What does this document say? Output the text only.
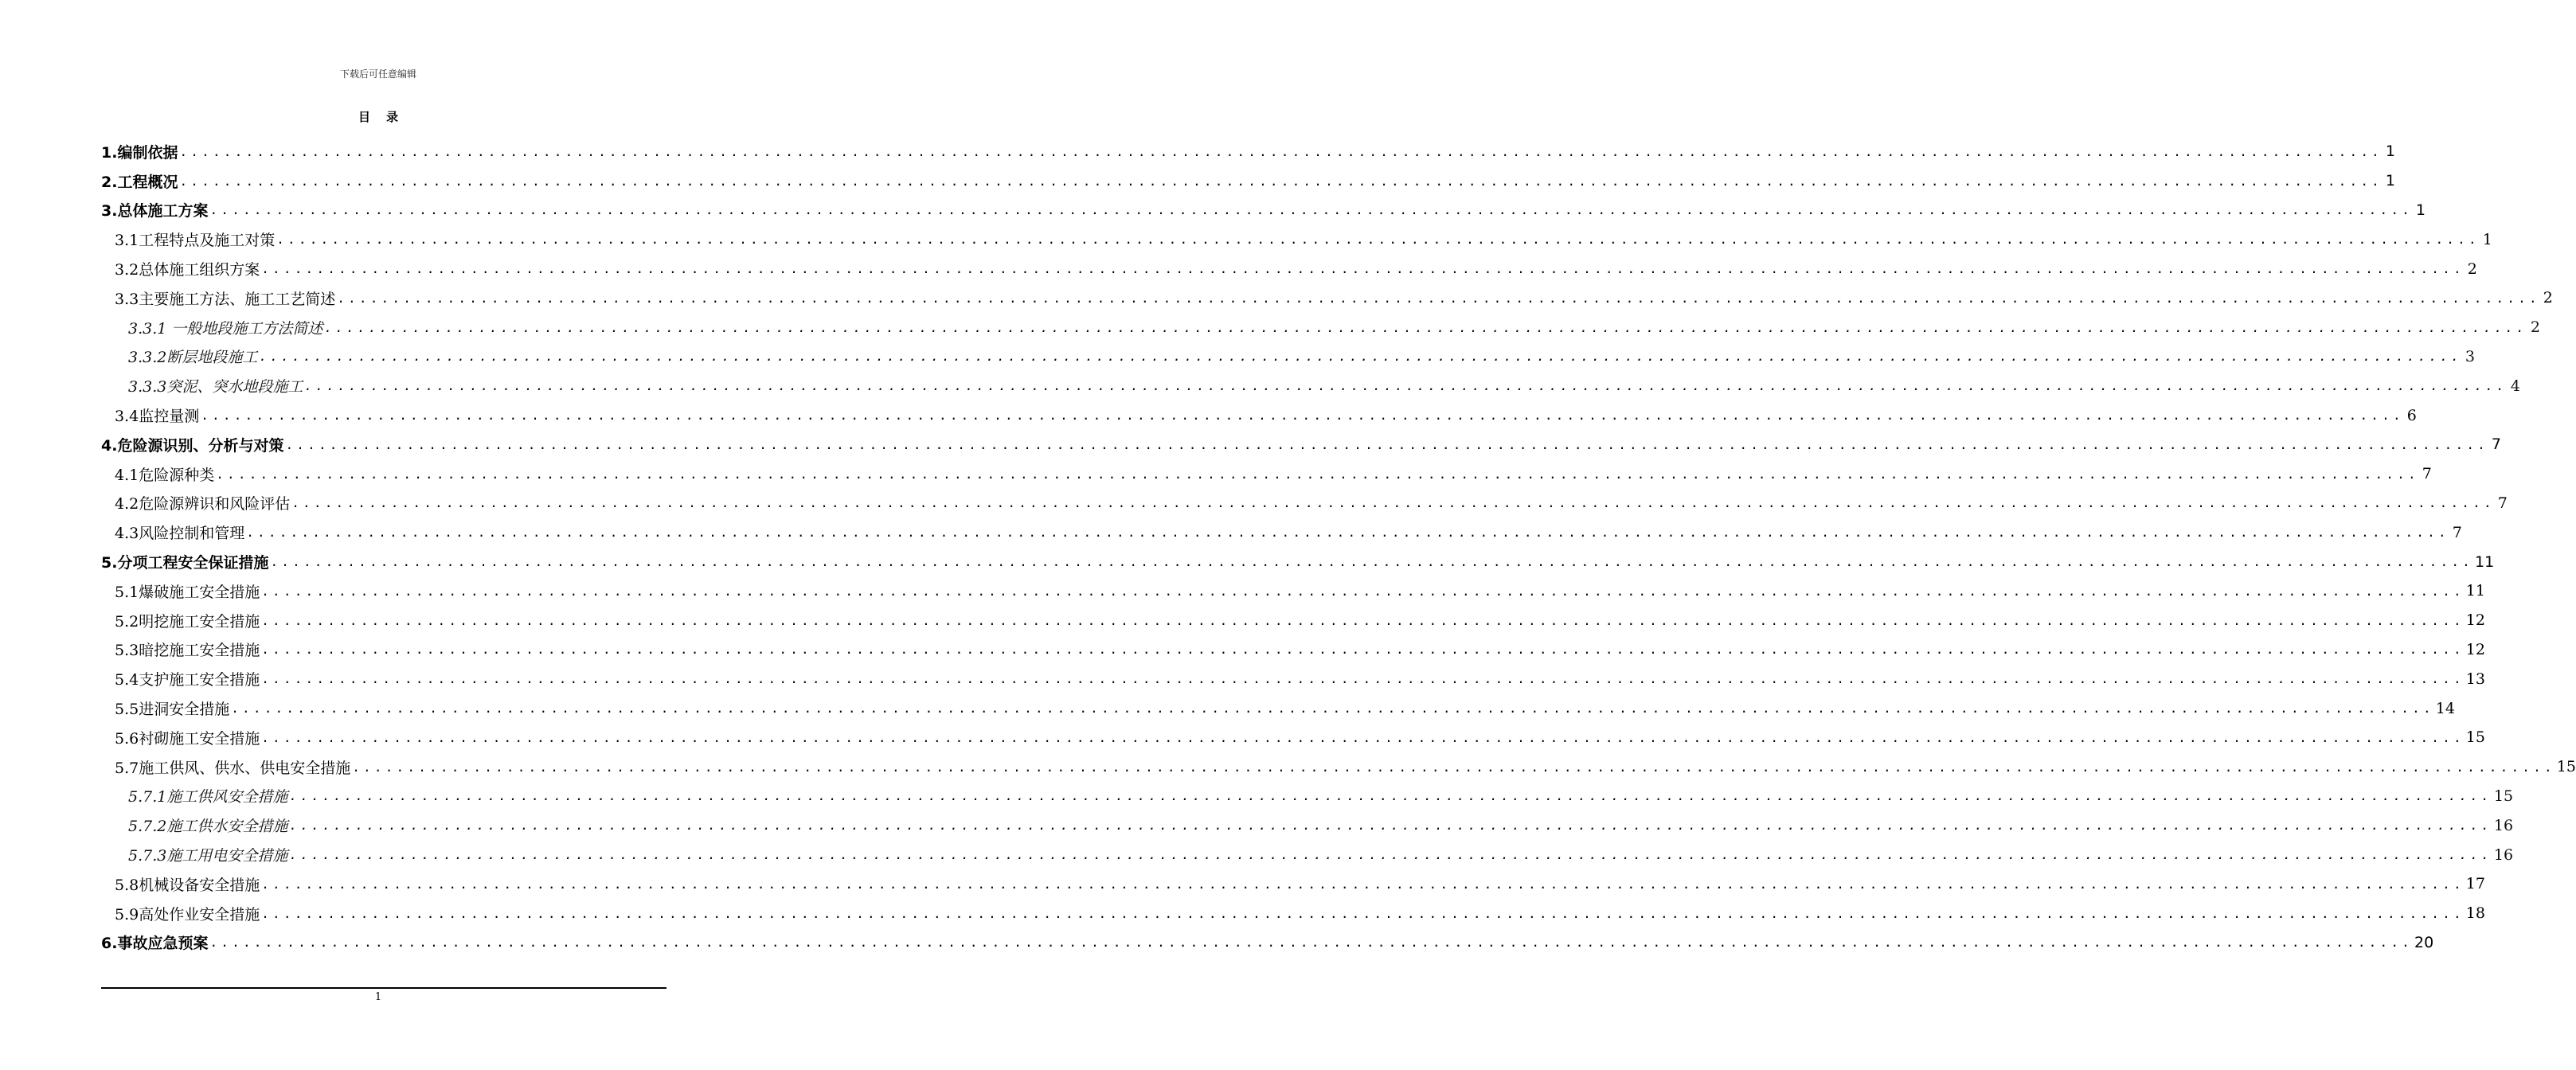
下载后可任意编辑
目录
1.编制依据 ........................................................................................................................................................................................................ 1
2.工程概况 ........................................................................................................................................................................................................ 1
3.总体施工方案 ........................................................................................................................................................................................................ 1
3.1工程特点及施工对策 ........................................................................................................................................................................................................ 1
3.2总体施工组织方案 ........................................................................................................................................................................................................ 2
3.3主要施工方法、施工工艺简述 ........................................................................................................................................................................................................ 2
3.3.1 一般地段施工方法简述 ........................................................................................................................................................................................................ 2
3.3.2断层地段施工 ........................................................................................................................................................................................................ 3
3.3.3突泥、突水地段施工 ........................................................................................................................................................................................................ 4
3.4监控量测 ........................................................................................................................................................................................................ 6
4.危险源识别、分析与对策 ........................................................................................................................................................................................................ 7
4.1危险源种类 ........................................................................................................................................................................................................ 7
4.2危险源辨识和风险评估 ........................................................................................................................................................................................................ 7
4.3风险控制和管理 ........................................................................................................................................................................................................ 7
5.分项工程安全保证措施 ........................................................................................................................................................................................................ 11
5.1爆破施工安全措施 ........................................................................................................................................................................................................ 11
5.2明挖施工安全措施 ........................................................................................................................................................................................................ 12
5.3暗挖施工安全措施 ........................................................................................................................................................................................................ 12
5.4支护施工安全措施 ........................................................................................................................................................................................................ 13
5.5进洞安全措施 ........................................................................................................................................................................................................ 14
5.6衬砌施工安全措施 ........................................................................................................................................................................................................ 15
5.7施工供风、供水、供电安全措施 ........................................................................................................................................................................................................ 15
5.7.1施工供风安全措施 ........................................................................................................................................................................................................ 15
5.7.2施工供水安全措施 ........................................................................................................................................................................................................ 16
5.7.3施工用电安全措施 ........................................................................................................................................................................................................ 16
5.8机械设备安全措施 ........................................................................................................................................................................................................ 17
5.9高处作业安全措施 ........................................................................................................................................................................................................ 18
6.事故应急预案 ........................................................................................................................................................................................................ 20
1
